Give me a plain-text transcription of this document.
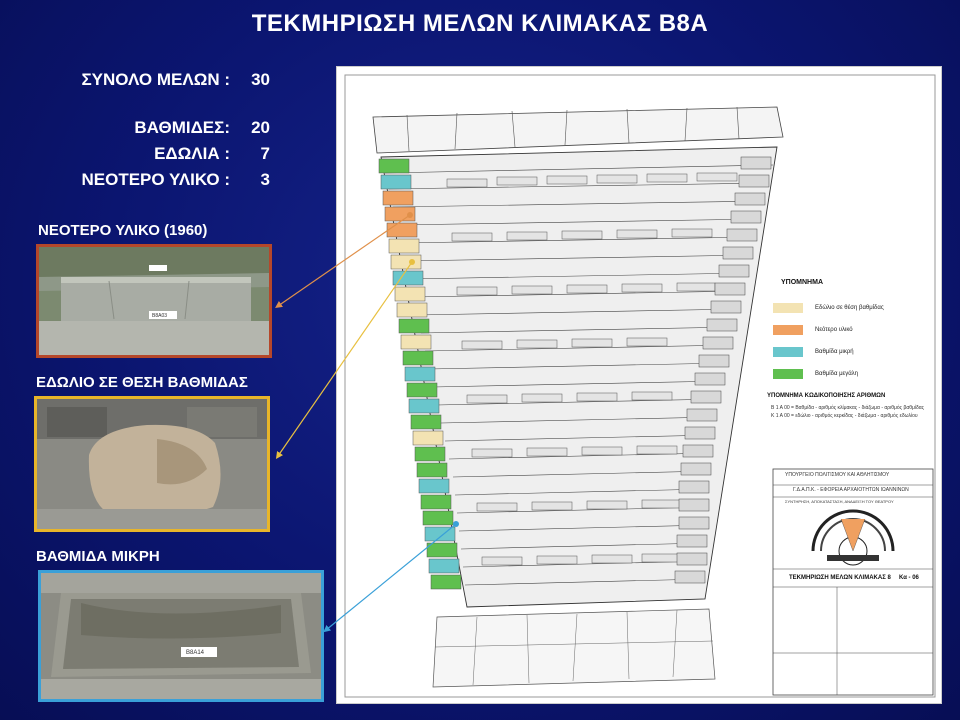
ΤΕΚΜΗΡΙΩΣΗ ΜΕΛΩΝ ΚΛΙΜΑΚΑΣ Β8Α
ΣΥΝΟΛΟ ΜΕΛΩΝ : 30
ΒΑΘΜΙΔΕΣ: 20
ΕΔΩΛΙΑ : 7
ΝΕΟΤΕΡΟ ΥΛΙΚΟ : 3
ΝΕΟΤΕΡΟ ΥΛΙΚΟ (1960)
B8A03
ΕΔΩΛΙΟ ΣΕ ΘΕΣΗ ΒΑΘΜΙΔΑΣ
ΒΑΘΜΙΔΑ ΜΙΚΡΗ
B8A14
ΥΠΟΜΝΗΜΑ
Εδώλιο σε θέση βαθμίδας
Νεότερο υλικό
Βαθμίδα μικρή
Βαθμίδα μεγάλη
ΥΠΟΜΝΗΜΑ ΚΩΔΙΚΟΠΟΙΗΣΗΣ ΑΡΙΘΜΩΝ
Β 1 Α 00 = Βαθμίδα - αριθμός κλίμακας - διάζωμα - αριθμός βαθμίδας
Κ 1 Α 00 = εδώλιο - αριθμός κερκίδας - διάζωμα - αριθμός εδωλίου
ΥΠΟΥΡΓΕΙΟ ΠΟΛΙΤΙΣΜΟΥ ΚΑΙ ΑΘΛΗΤΙΣΜΟΥ
Γ.Δ.Α.Π.Κ. - ΕΦΟΡΕΙΑ ΑΡΧΑΙΟΤΗΤΩΝ ΙΩΑΝΝΙΝΩΝ
ΣΥΝΤΗΡΗΣΗ, ΑΠΟΚΑΤΑΣΤΑΣΗ, ΑΝΑΔΕΙΞΗ ΤΟΥ ΘΕΑΤΡΟΥ
ΤΕΚΜΗΡΙΩΣΗ ΜΕΛΩΝ ΚΛΙΜΑΚΑΣ 8 Κα - 06
